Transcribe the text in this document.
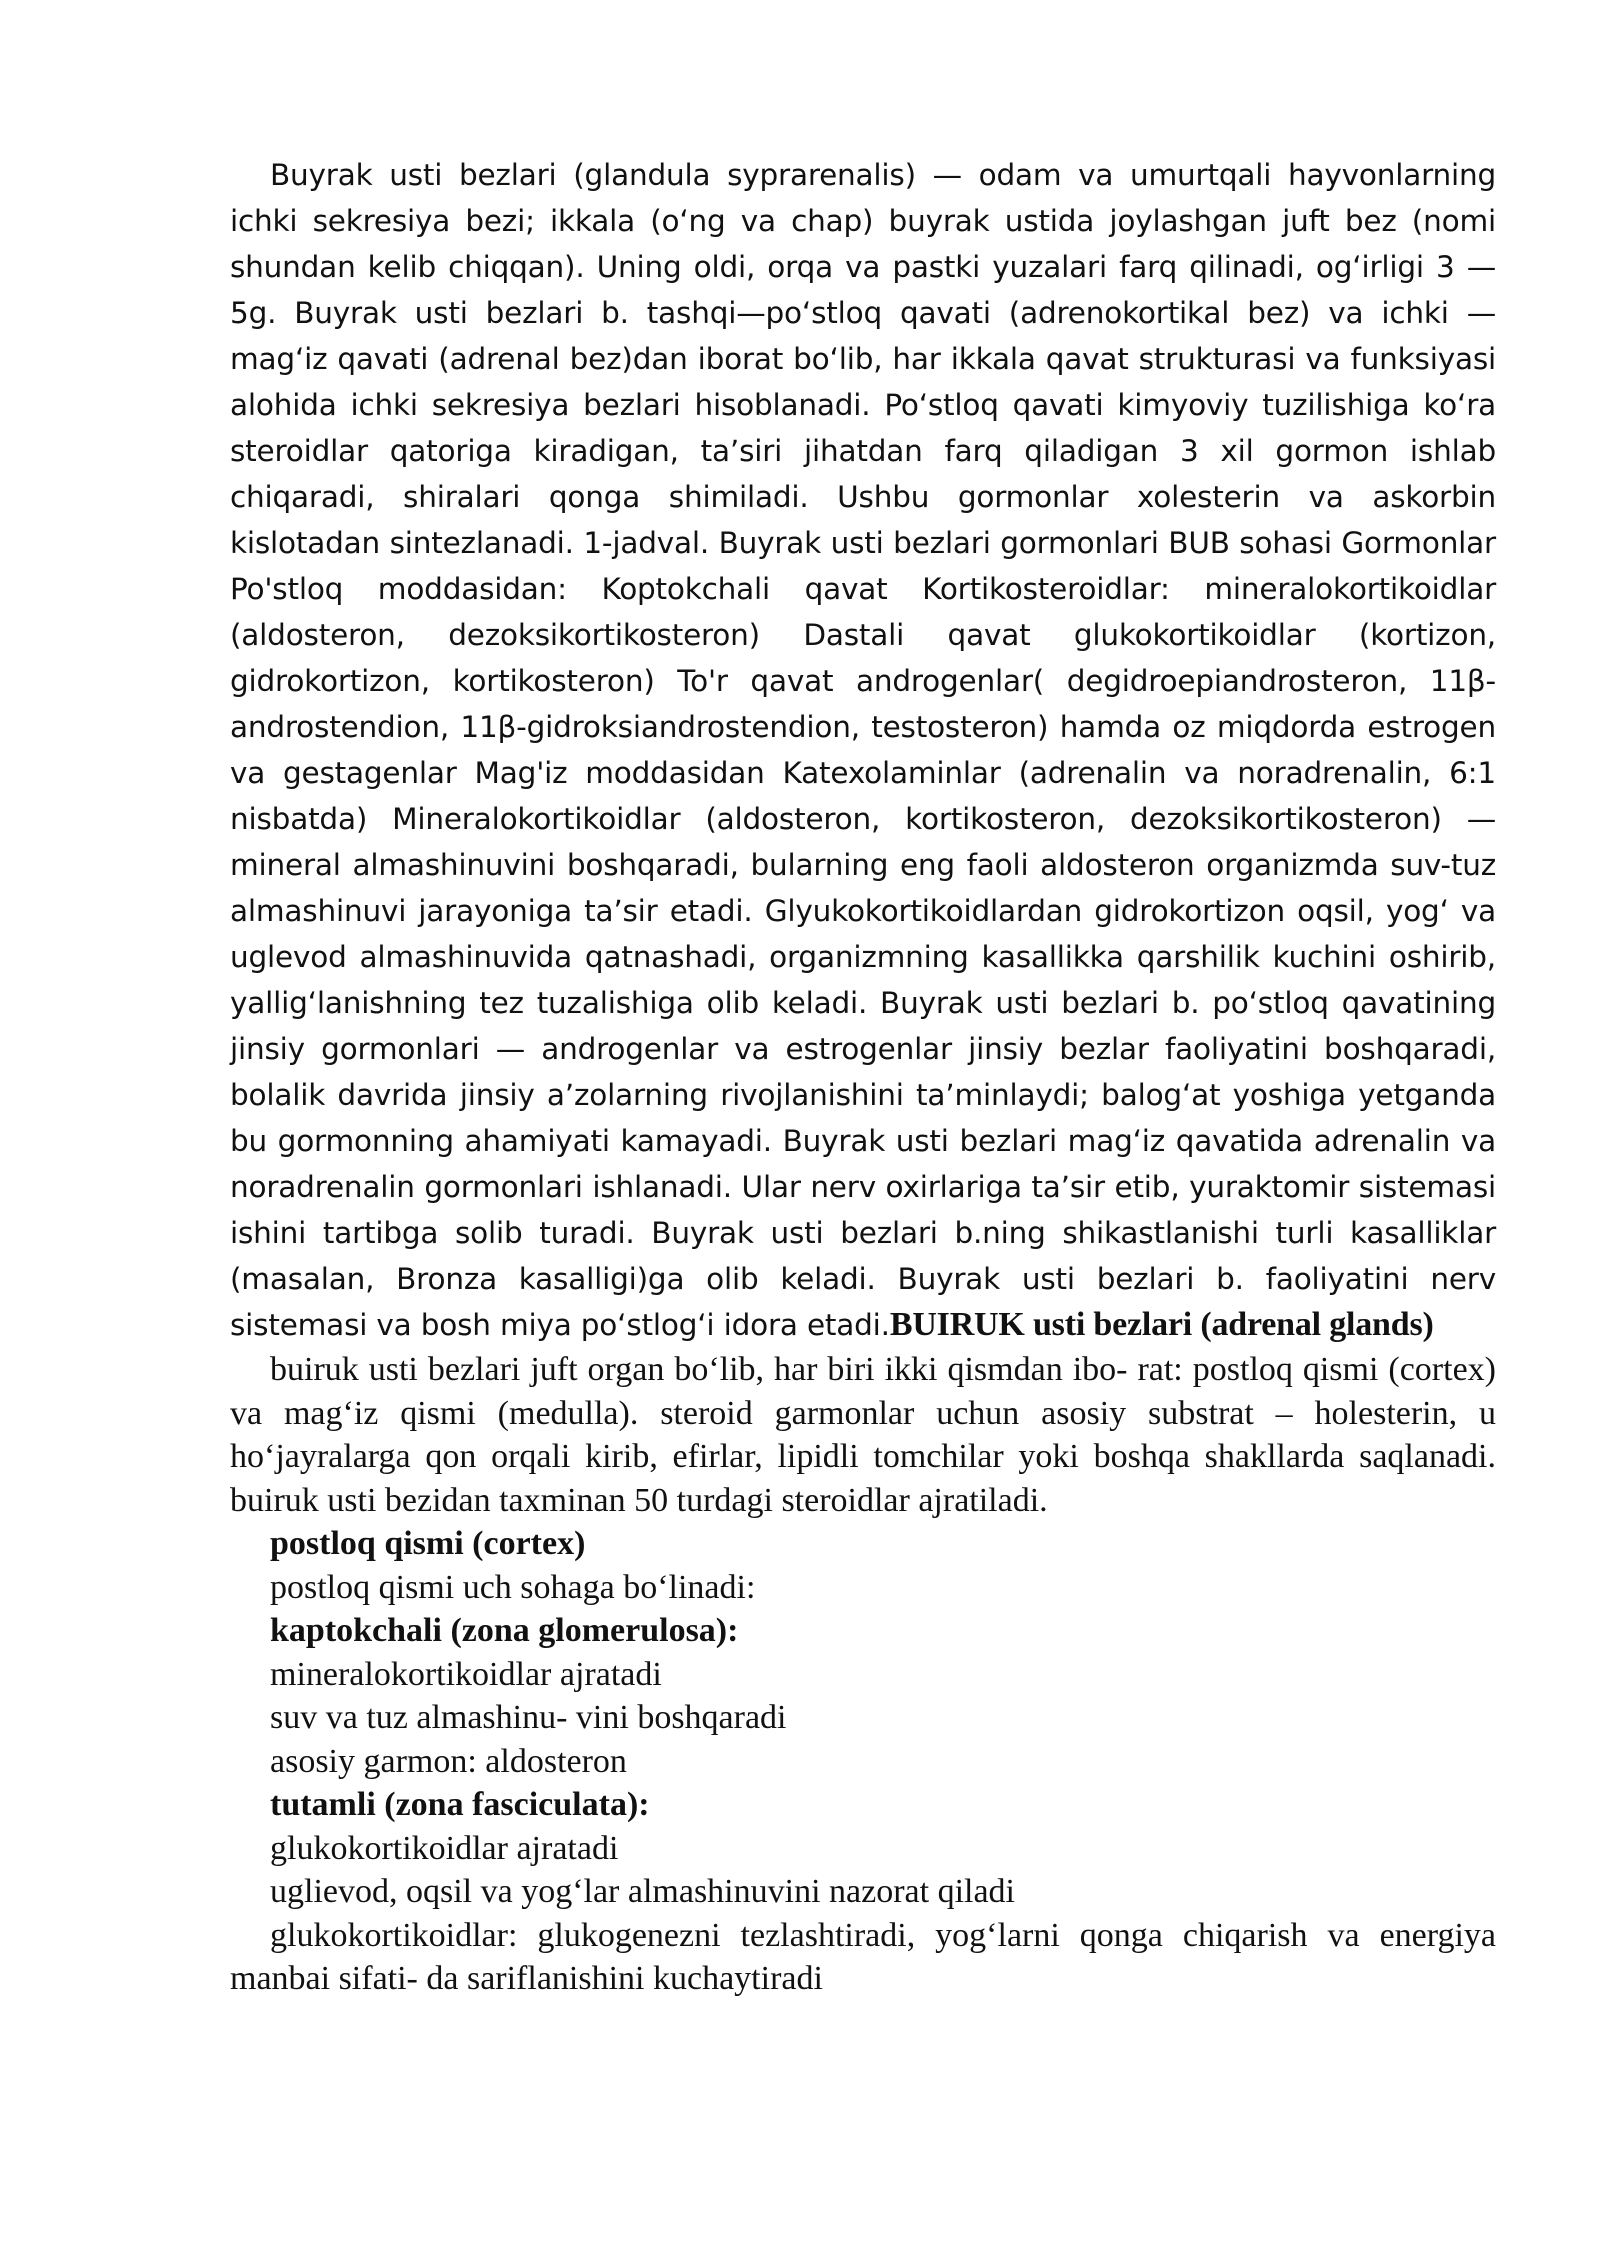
Buyrak usti bezlari (glandula syprarenalis) — odam va umurtqali hayvonlarning ichki sekresiya bezi; ikkala (oʻng va chap) buyrak ustida joylashgan juft bez (nomi shundan kelib chiqqan). Uning oldi, orqa va pastki yuzalari farq qilinadi, ogʻirligi 3 — 5g. Buyrak usti bezlari b. tashqi—poʻstloq qavati (adrenokortikal bez) va ichki — magʻiz qavati (adrenal bez)dan iborat boʻlib, har ikkala qavat strukturasi va funksiyasi alohida ichki sekresiya bezlari hisoblanadi. Poʻstloq qavati kimyoviy tuzilishiga koʻra steroidlar qatoriga kiradigan, taʼsiri jihatdan farq qiladigan 3 xil gormon ishlab chiqaradi, shiralari qonga shimiladi. Ushbu gormonlar xolesterin va askorbin kislotadan sintezlanadi. 1-jadval. Buyrak usti bezlari gormonlari BUB sohasi Gormonlar Po'stloq moddasidan: Koptokchali qavat Kortikosteroidlar: mineralokortikoidlar (aldosteron, dezoksikortikosteron) Dastali qavat glukokortikoidlar (kortizon, gidrokortizon, kortikosteron) To'r qavat androgenlar( degidroepiandrosteron, 11β-androstendion, 11β-gidroksiandrostendion, testosteron) hamda oz miqdorda estrogen va gestagenlar Mag'iz moddasidan Katexolaminlar (adrenalin va noradrenalin, 6:1 nisbatda) Mineralokortikoidlar (aldosteron, kortikosteron, dezoksikortikosteron) — mineral almashinuvini boshqaradi, bularning eng faoli aldosteron organizmda suv-tuz almashinuvi jarayoniga taʼsir etadi. Glyukokortikoidlardan gidrokortizon oqsil, yogʻ va uglevod almashinuvida qatnashadi, organizmning kasallikka qarshilik kuchini oshirib, yalligʻlanishning tez tuzalishiga olib keladi. Buyrak usti bezlari b. poʻstloq qavatining jinsiy gormonlari — androgenlar va estrogenlar jinsiy bezlar faoliyatini boshqaradi, bolalik davrida jinsiy aʼzolarning rivojlanishini taʼminlaydi; balogʻat yoshiga yetganda bu gormonning ahamiyati kamayadi. Buyrak usti bezlari magʻiz qavatida adrenalin va noradrenalin gormonlari ishlanadi. Ular nerv oxirlariga taʼsir etib, yuraktomir sistemasi ishini tartibga solib turadi. Buyrak usti bezlari b.ning shikastlanishi turli kasalliklar (masalan, Bronza kasalligi)ga olib keladi. Buyrak usti bezlari b. faoliyatini nerv sistemasi va bosh miya poʻstlogʻi idora etadi.BUIRUK usti bezlari (adrenal glands)

buiruk usti bezlari juft organ bo‘lib, har biri ikki qismdan ibo- rat: postloq qismi (cortex) va mag‘iz qismi (medulla). steroid garmonlar uchun asosiy substrat – holesterin, u ho‘jayralarga qon orqali kirib, efirlar, lipidli tomchilar yoki boshqa shakllarda saqlanadi. buiruk usti bezidan taxminan 50 turdagi steroidlar ajratiladi.

postloq qismi (cortex)

postloq qismi uch sohaga bo‘linadi:

kaptokchali (zona glomerulosa):

mineralokortikoidlar ajratadi

suv va tuz almashinu- vini boshqaradi

asosiy garmon: aldosteron

tutamli (zona fasciculata):

glukokortikoidlar ajratadi

uglievod, oqsil va yog‘lar almashinuvini nazorat qiladi

glukokortikoidlar: glukogenezni tezlashtiradi, yog‘larni qonga chiqarish va energiya manbai sifati- da sariflanishini kuchaytiradi
